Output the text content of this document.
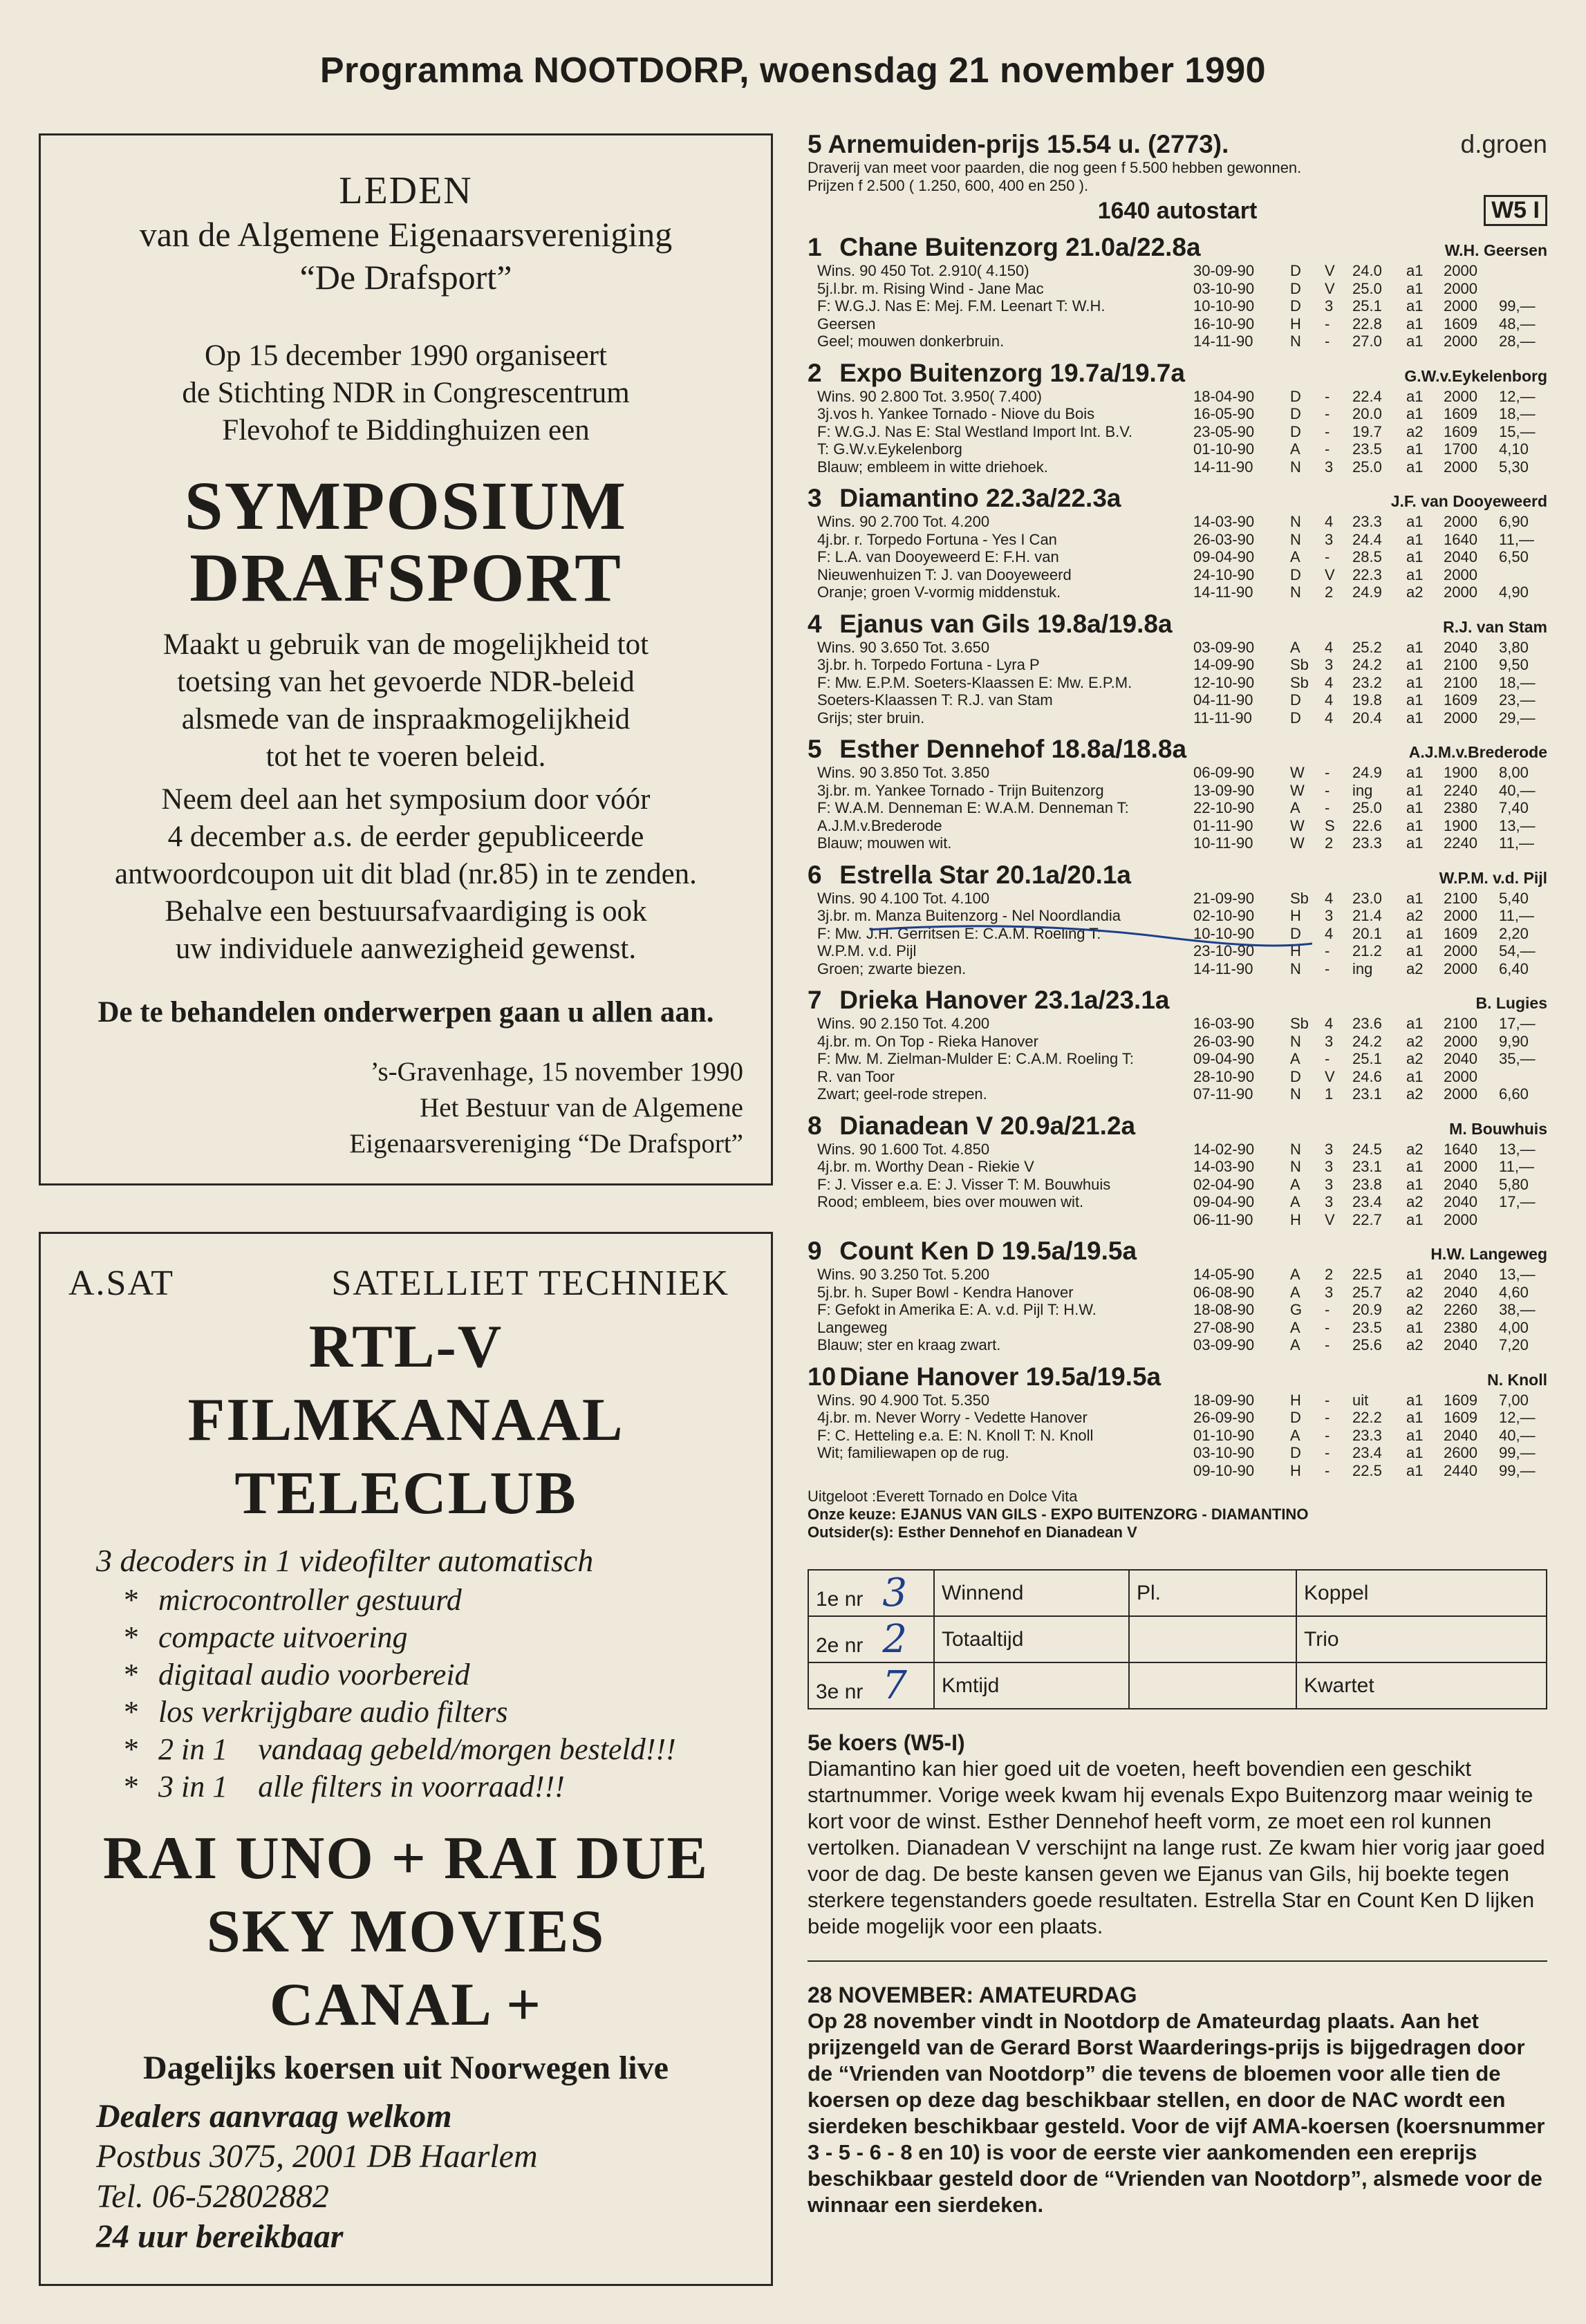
Programma NOOTDORP, woensdag 21 november 1990
LEDEN
van de Algemene Eigenaarsvereniging
“De Drafsport”
Op 15 december 1990 organiseert
de Stichting NDR in Congrescentrum
Flevohof te Biddinghuizen een
SYMPOSIUM
DRAFSPORT
Maakt u gebruik van de mogelijkheid tot
toetsing van het gevoerde NDR-beleid
alsmede van de inspraakmogelijkheid
tot het te voeren beleid.
Neem deel aan het symposium door vóór
4 december a.s. de eerder gepubliceerde
antwoordcoupon uit dit blad (nr.85) in te zenden.
Behalve een bestuursafvaardiging is ook
uw individuele aanwezigheid gewenst.
De te behandelen onderwerpen gaan u allen aan.
’s-Gravenhage, 15 november 1990
Het Bestuur van de Algemene
Eigenaarsvereniging “De Drafsport”
A.SAT	SATELLIET TECHNIEK
RTL-V
FILMKANAAL
TELECLUB
3 decoders in 1 videofilter automatisch
* microcontroller gestuurd
* compacte uitvoering
* digitaal audio voorbereid
* los verkrijgbare audio filters
* 2 in 1    vandaag gebeld/morgen besteld!!!
* 3 in 1    alle filters in voorraad!!!
RAI UNO + RAI DUE
SKY MOVIES
CANAL +
Dagelijks koersen uit Noorwegen live
Dealers aanvraag welkom
Postbus 3075, 2001 DB Haarlem
Tel. 06-52802882
24 uur bereikbaar
5 Arnemuiden-prijs 15.54 u. (2773).	d.groen
Draverij van meet voor paarden, die nog geen f 5.500 hebben gewonnen.
Prijzen f 2.500 ( 1.250, 600, 400 en 250 ).
1640 autostart	W5 I
1 Chane Buitenzorg 21.0a/22.8a	W.H. Geersen
Wins. 90 450 Tot. 2.910( 4.150)
5j.l.br. m. Rising Wind - Jane Mac
F: W.G.J. Nas E: Mej. F.M. Leenart T: W.H.
Geersen
Geel; mouwen donkerbruin.
30-09-90	D	V	24.0	a1	2000
03-10-90	D	V	25.0	a1	2000
10-10-90	D	3	25.1	a1	2000	99,—
16-10-90	H	-	22.8	a1	1609	48,—
14-11-90	N	-	27.0	a1	2000	28,—
2 Expo Buitenzorg 19.7a/19.7a	G.W.v.Eykelenborg
Wins. 90 2.800 Tot. 3.950( 7.400)
3j.vos h. Yankee Tornado - Niove du Bois
F: W.G.J. Nas E: Stal Westland Import Int. B.V.
T: G.W.v.Eykelenborg
Blauw; embleem in witte driehoek.
18-04-90	D	-	22.4	a1	2000	12,—
16-05-90	D	-	20.0	a1	1609	18,—
23-05-90	D	-	19.7	a2	1609	15,—
01-10-90	A	-	23.5	a1	1700	4,10
14-11-90	N	3	25.0	a1	2000	5,30
3 Diamantino 22.3a/22.3a	J.F. van Dooyeweerd
Wins. 90 2.700 Tot. 4.200
4j.br. r. Torpedo Fortuna - Yes I Can
F: L.A. van Dooyeweerd E: F.H. van
Nieuwenhuizen T: J. van Dooyeweerd
Oranje; groen V-vormig middenstuk.
14-03-90	N	4	23.3	a1	2000	6,90
26-03-90	N	3	24.4	a1	1640	11,—
09-04-90	A	-	28.5	a1	2040	6,50
24-10-90	D	V	22.3	a1	2000
14-11-90	N	2	24.9	a2	2000	4,90
4 Ejanus van Gils 19.8a/19.8a	R.J. van Stam
Wins. 90 3.650 Tot. 3.650
3j.br. h. Torpedo Fortuna - Lyra P
F: Mw. E.P.M. Soeters-Klaassen E: Mw. E.P.M.
Soeters-Klaassen T: R.J. van Stam
Grijs; ster bruin.
03-09-90	A	4	25.2	a1	2040	3,80
14-09-90	Sb	3	24.2	a1	2100	9,50
12-10-90	Sb	4	23.2	a1	2100	18,—
04-11-90	D	4	19.8	a1	1609	23,—
11-11-90	D	4	20.4	a1	2000	29,—
5 Esther Dennehof 18.8a/18.8a	A.J.M.v.Brederode
Wins. 90 3.850 Tot. 3.850
3j.br. m. Yankee Tornado - Trijn Buitenzorg
F: W.A.M. Denneman E: W.A.M. Denneman T:
A.J.M.v.Brederode
Blauw; mouwen wit.
06-09-90	W	-	24.9	a1	1900	8,00
13-09-90	W	-	ing	a1	2240	40,—
22-10-90	A	-	25.0	a1	2380	7,40
01-11-90	W	S	22.6	a1	1900	13,—
10-11-90	W	2	23.3	a1	2240	11,—
6 Estrella Star 20.1a/20.1a	W.P.M. v.d. Pijl
Wins. 90 4.100 Tot. 4.100
3j.br. m. Manza Buitenzorg - Nel Noordlandia
F: Mw. J.H. Gerritsen E: C.A.M. Roeling T:
W.P.M. v.d. Pijl
Groen; zwarte biezen.
21-09-90	Sb	4	23.0	a1	2100	5,40
02-10-90	H	3	21.4	a2	2000	11,—
10-10-90	D	4	20.1	a1	1609	2,20
23-10-90	H	-	21.2	a1	2000	54,—
14-11-90	N	-	ing	a2	2000	6,40
7 Drieka Hanover 23.1a/23.1a	B. Lugies
Wins. 90 2.150 Tot. 4.200
4j.br. m. On Top - Rieka Hanover
F: Mw. M. Zielman-Mulder E: C.A.M. Roeling T:
R. van Toor
Zwart; geel-rode strepen.
16-03-90	Sb	4	23.6	a1	2100	17,—
26-03-90	N	3	24.2	a2	2000	9,90
09-04-90	A	-	25.1	a2	2040	35,—
28-10-90	D	V	24.6	a1	2000
07-11-90	N	1	23.1	a2	2000	6,60
8 Dianadean V 20.9a/21.2a	M. Bouwhuis
Wins. 90 1.600 Tot. 4.850
4j.br. m. Worthy Dean - Riekie V
F: J. Visser e.a. E: J. Visser T: M. Bouwhuis
Rood; embleem, bies over mouwen wit.
14-02-90	N	3	24.5	a2	1640	13,—
14-03-90	N	3	23.1	a1	2000	11,—
02-04-90	A	3	23.8	a1	2040	5,80
09-04-90	A	3	23.4	a2	2040	17,—
06-11-90	H	V	22.7	a1	2000
9 Count Ken D 19.5a/19.5a	H.W. Langeweg
Wins. 90 3.250 Tot. 5.200
5j.br. h. Super Bowl - Kendra Hanover
F: Gefokt in Amerika E: A. v.d. Pijl T: H.W.
Langeweg
Blauw; ster en kraag zwart.
14-05-90	A	2	22.5	a1	2040	13,—
06-08-90	A	3	25.7	a2	2040	4,60
18-08-90	G	-	20.9	a2	2260	38,—
27-08-90	A	-	23.5	a1	2380	4,00
03-09-90	A	-	25.6	a2	2040	7,20
10 Diane Hanover 19.5a/19.5a	N. Knoll
Wins. 90 4.900 Tot. 5.350
4j.br. m. Never Worry - Vedette Hanover
F: C. Hetteling e.a. E: N. Knoll T: N. Knoll
Wit; familiewapen op de rug.
18-09-90	H	-	uit	a1	1609	7,00
26-09-90	D	-	22.2	a1	1609	12,—
01-10-90	A	-	23.3	a1	2040	40,—
03-10-90	D	-	23.4	a1	2600	99,—
09-10-90	H	-	22.5	a1	2440	99,—
Uitgeloot :Everett Tornado en Dolce Vita
Onze keuze: EJANUS VAN GILS - EXPO BUITENZORG - DIAMANTINO
Outsider(s): Esther Dennehof en Dianadean V
1e nr 3	Winnend	Pl.	Koppel
2e nr 2	Totaaltijd		Trio
3e nr 7	Kmtijd		Kwartet
5e koers (W5-I)
Diamantino kan hier goed uit de voeten, heeft bovendien een geschikt startnummer. Vorige week kwam hij evenals Expo Buitenzorg maar weinig te kort voor de winst. Esther Dennehof heeft vorm, ze moet een rol kunnen vertolken. Dianadean V verschijnt na lange rust. Ze kwam hier vorig jaar goed voor de dag. De beste kansen geven we Ejanus van Gils, hij boekte tegen sterkere tegenstanders goede resultaten. Estrella Star en Count Ken D lijken beide mogelijk voor een plaats.
28 NOVEMBER: AMATEURDAG
Op 28 november vindt in Nootdorp de Amateurdag plaats. Aan het prijzengeld van de Gerard Borst Waarderings-prijs is bijgedragen door de “Vrienden van Nootdorp” die tevens de bloemen voor alle tien de koersen op deze dag beschikbaar stellen, en door de NAC wordt een sierdeken beschikbaar gesteld. Voor de vijf AMA-koersen (koersnummer 3 - 5 - 6 - 8 en 10) is voor de eerste vier aankomenden een ereprijs beschikbaar gesteld door de “Vrienden van Nootdorp”, alsmede voor de winnaar een sierdeken.
